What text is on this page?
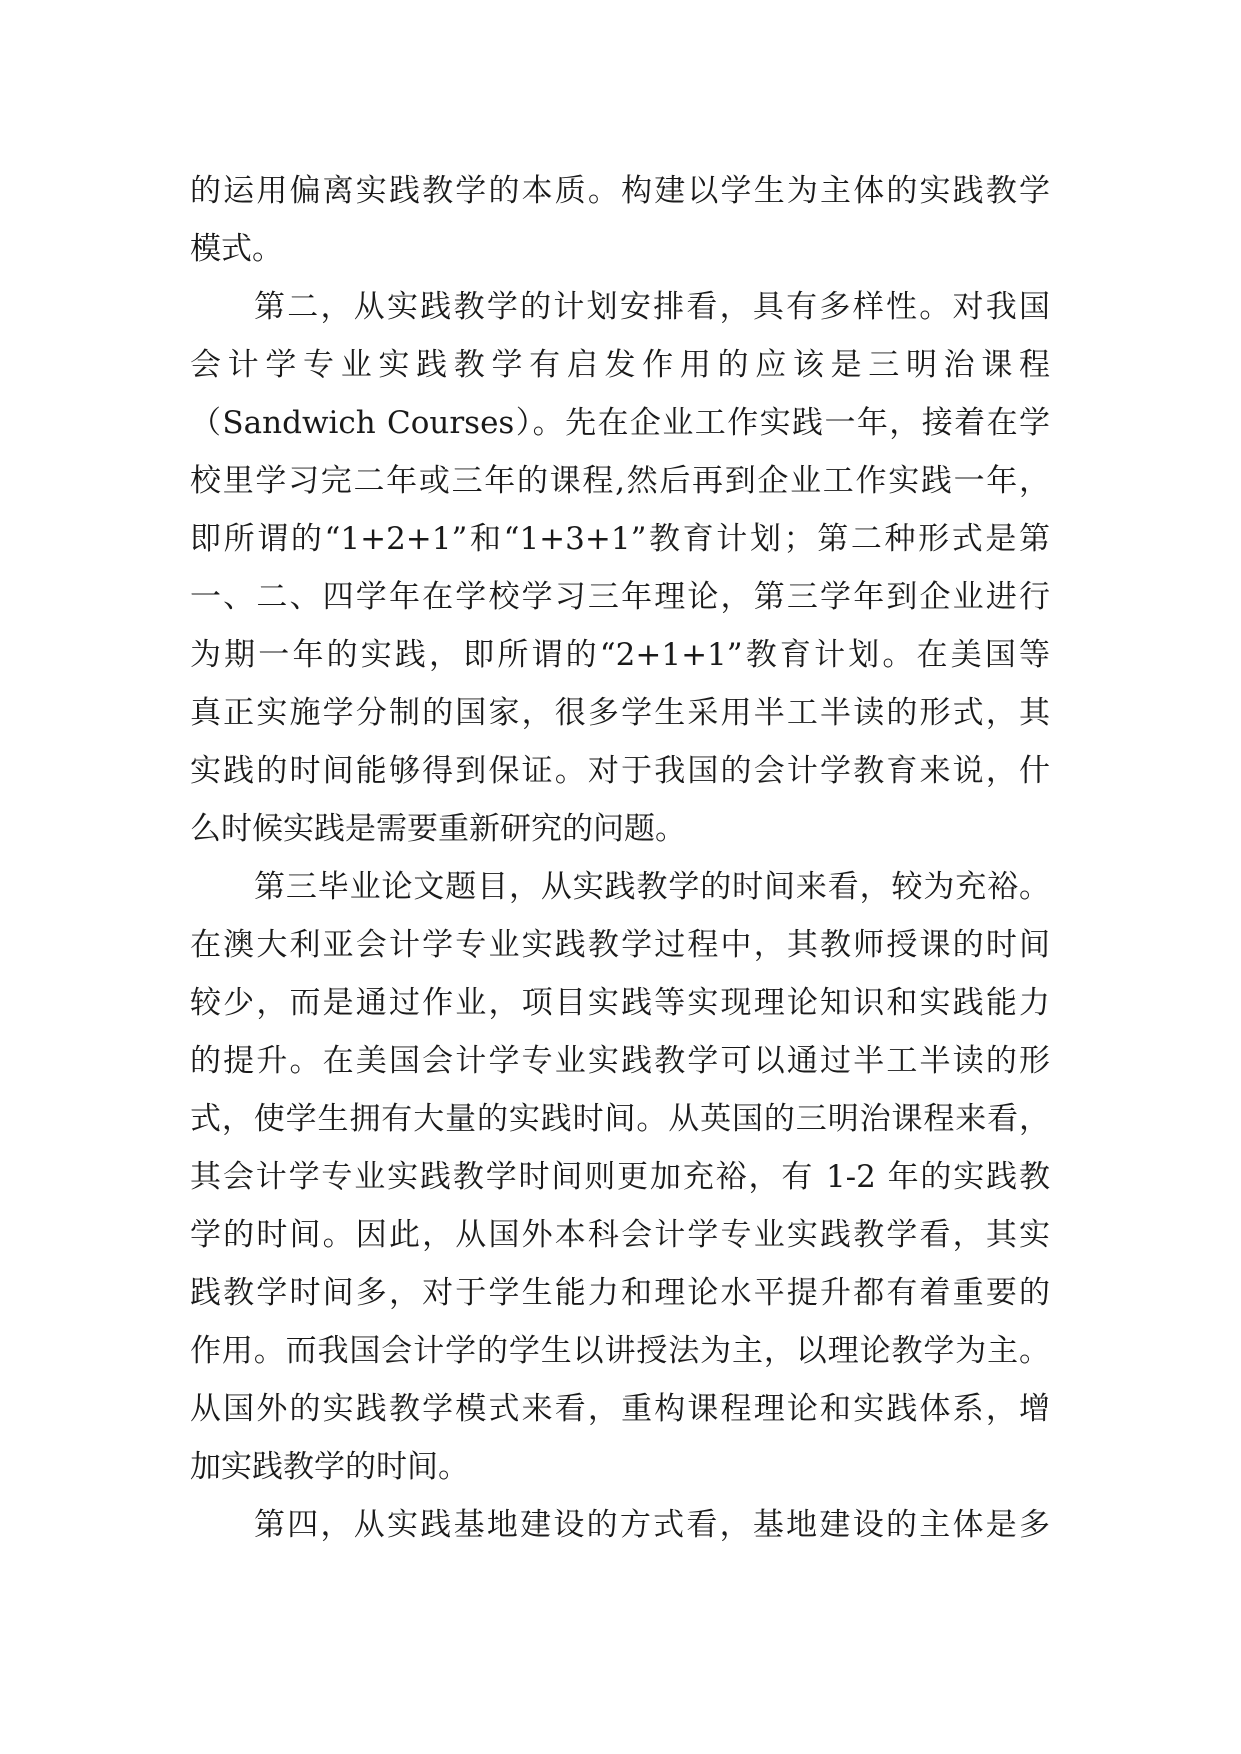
的运用偏离实践教学的本质。构建以学生为主体的实践教学
模式。
第二，从实践教学的计划安排看，具有多样性。对我国
会计学专业实践教学有启发作用的应该是三明治课程
（Sandwich Courses）。先在企业工作实践一年，接着在学
校里学习完二年或三年的课程,然后再到企业工作实践一年，
即所谓的“1+2+1”和“1+3+1”教育计划；第二种形式是第
一、二、四学年在学校学习三年理论，第三学年到企业进行
为期一年的实践，即所谓的“2+1+1”教育计划。在美国等
真正实施学分制的国家，很多学生采用半工半读的形式，其
实践的时间能够得到保证。对于我国的会计学教育来说，什
么时候实践是需要重新研究的问题。
第三毕业论文题目，从实践教学的时间来看，较为充裕。
在澳大利亚会计学专业实践教学过程中，其教师授课的时间
较少，而是通过作业，项目实践等实现理论知识和实践能力
的提升。在美国会计学专业实践教学可以通过半工半读的形
式，使学生拥有大量的实践时间。从英国的三明治课程来看，
其会计学专业实践教学时间则更加充裕，有 1-2 年的实践教
学的时间。因此，从国外本科会计学专业实践教学看，其实
践教学时间多，对于学生能力和理论水平提升都有着重要的
作用。而我国会计学的学生以讲授法为主，以理论教学为主。
从国外的实践教学模式来看，重构课程理论和实践体系，增
加实践教学的时间。
第四，从实践基地建设的方式看，基地建设的主体是多
